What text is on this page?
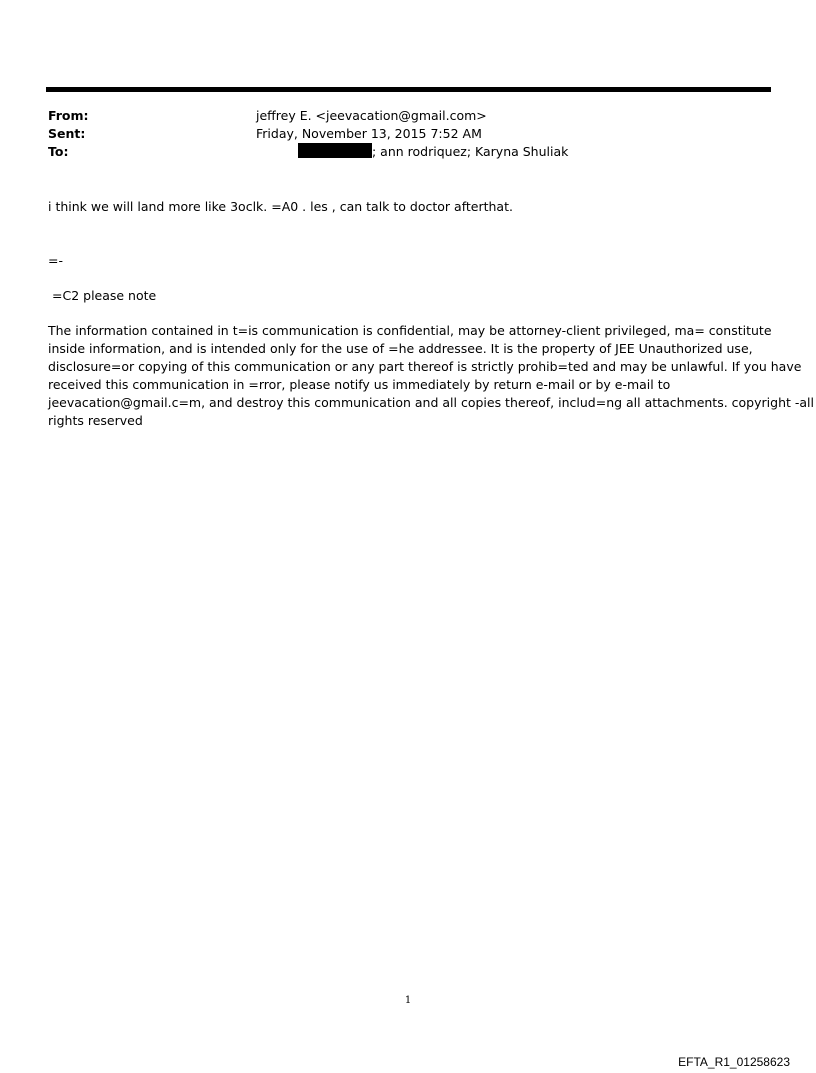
From:	jeffrey E. <jeevacation@gmail.com>
Sent:	Friday, November 13, 2015 7:52 AM
To:	; ann rodriquez; Karyna Shuliak
i think we will land more like 3oclk. =A0 . les , can talk to doctor afterthat.
=-
=C2 please note
The information contained in t=is communication is confidential, may be attorney-client privileged, ma= constitute
inside information, and is intended only for the use of =he addressee. It is the property of JEE Unauthorized use,
disclosure=or copying of this communication or any part thereof is strictly prohib=ted and may be unlawful. If you have
received this communication in =rror, please notify us immediately by return e-mail or by e-mail to
jeevacation@gmail.c=m, and destroy this communication and all copies thereof, includ=ng all attachments. copyright -all
rights reserved
1
EFTA_R1_01258623
